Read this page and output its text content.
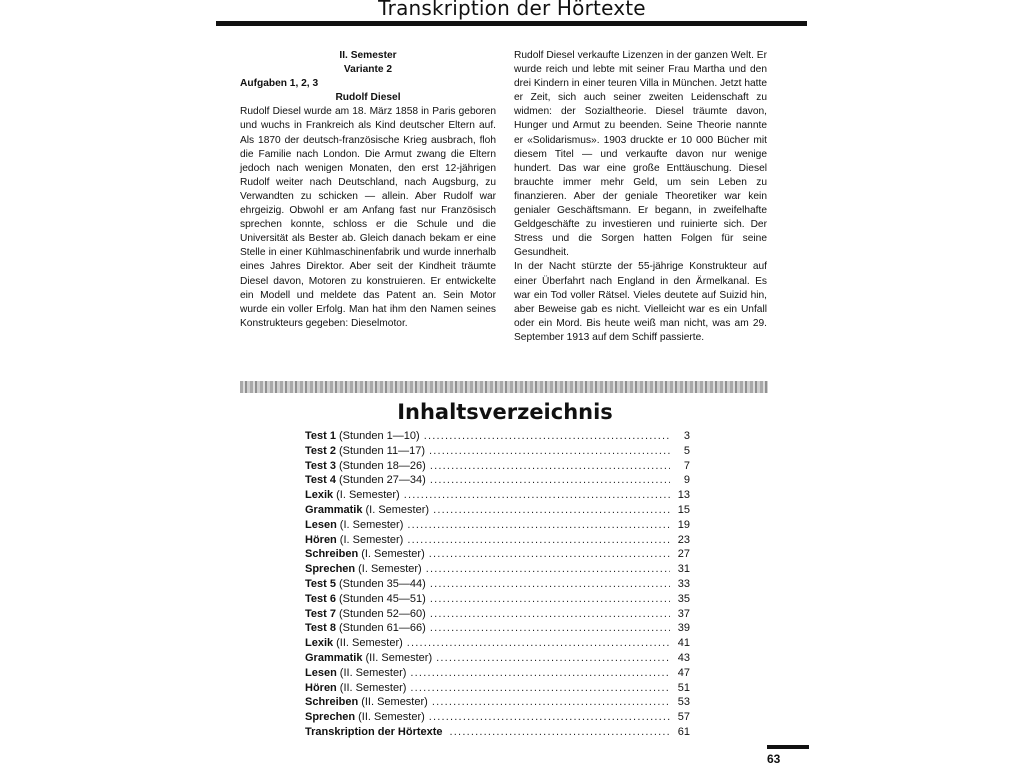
Transkription der Hörtexte

II. Semester

Variante 2

Aufgaben 1, 2, 3

Rudolf Diesel

Rudolf Diesel wurde am 18. März 1858 in Paris geboren und wuchs in Frankreich als Kind deutscher Eltern auf. Als 1870 der deutsch-französische Krieg ausbrach, floh die Familie nach London. Die Armut zwang die Eltern jedoch nach wenigen Monaten, den erst 12-jährigen Rudolf weiter nach Deutschland, nach Augsburg, zu Verwandten zu schicken — allein. Aber Rudolf war ehrgeizig. Obwohl er am Anfang fast nur Französisch sprechen konnte, schloss er die Schule und die Universität als Bester ab. Gleich danach bekam er eine Stelle in einer Kühlmaschinenfabrik und wurde innerhalb eines Jahres Direktor. Aber seit der Kindheit träumte Diesel davon, Motoren zu konstruieren. Er entwickelte ein Modell und meldete das Patent an. Sein Motor wurde ein voller Erfolg. Man hat ihm den Namen seines Konstrukteurs gegeben: Dieselmotor.

Rudolf Diesel verkaufte Lizenzen in der ganzen Welt. Er wurde reich und lebte mit seiner Frau Martha und den drei Kindern in einer teuren Villa in München. Jetzt hatte er Zeit, sich auch seiner zweiten Leidenschaft zu widmen: der Sozialtheorie. Diesel träumte davon, Hunger und Armut zu beenden. Seine Theorie nannte er «Solidarismus». 1903 druckte er 10 000 Bücher mit diesem Titel — und verkaufte davon nur wenige hundert. Das war eine große Enttäuschung. Diesel brauchte immer mehr Geld, um sein Leben zu finanzieren. Aber der geniale Theoretiker war kein genialer Geschäftsmann. Er begann, in zweifelhafte Geldgeschäfte zu investieren und ruinierte sich. Der Stress und die Sorgen hatten Folgen für seine Gesundheit.

In der Nacht stürzte der 55-jährige Konstrukteur auf einer Überfahrt nach England in den Ärmelkanal. Es war ein Tod voller Rätsel. Vieles deutete auf Suizid hin, aber Beweise gab es nicht. Vielleicht war es ein Unfall oder ein Mord. Bis heute weiß man nicht, was am 29. September 1913 auf dem Schiff passierte.

Inhaltsverzeichnis
Test 1 (Stunden 1—10) .....	3
Test 2 (Stunden 11—17) .....	5
Test 3 (Stunden 18—26) .....	7
Test 4 (Stunden 27—34) .....	9
Lexik (I. Semester) .....	13
Grammatik (I. Semester) .....	15
Lesen (I. Semester) .....	19
Hören (I. Semester) .....	23
Schreiben (I. Semester) .....	27
Sprechen (I. Semester) .....	31
Test 5 (Stunden 35—44) .....	33
Test 6 (Stunden 45—51) .....	35
Test 7 (Stunden 52—60) .....	37
Test 8 (Stunden 61—66) .....	39
Lexik (II. Semester) .....	41
Grammatik (II. Semester) .....	43
Lesen (II. Semester) .....	47
Hören (II. Semester) .....	51
Schreiben (II. Semester) .....	53
Sprechen (II. Semester) .....	57
Transkription der Hörtexte .....	61
63
